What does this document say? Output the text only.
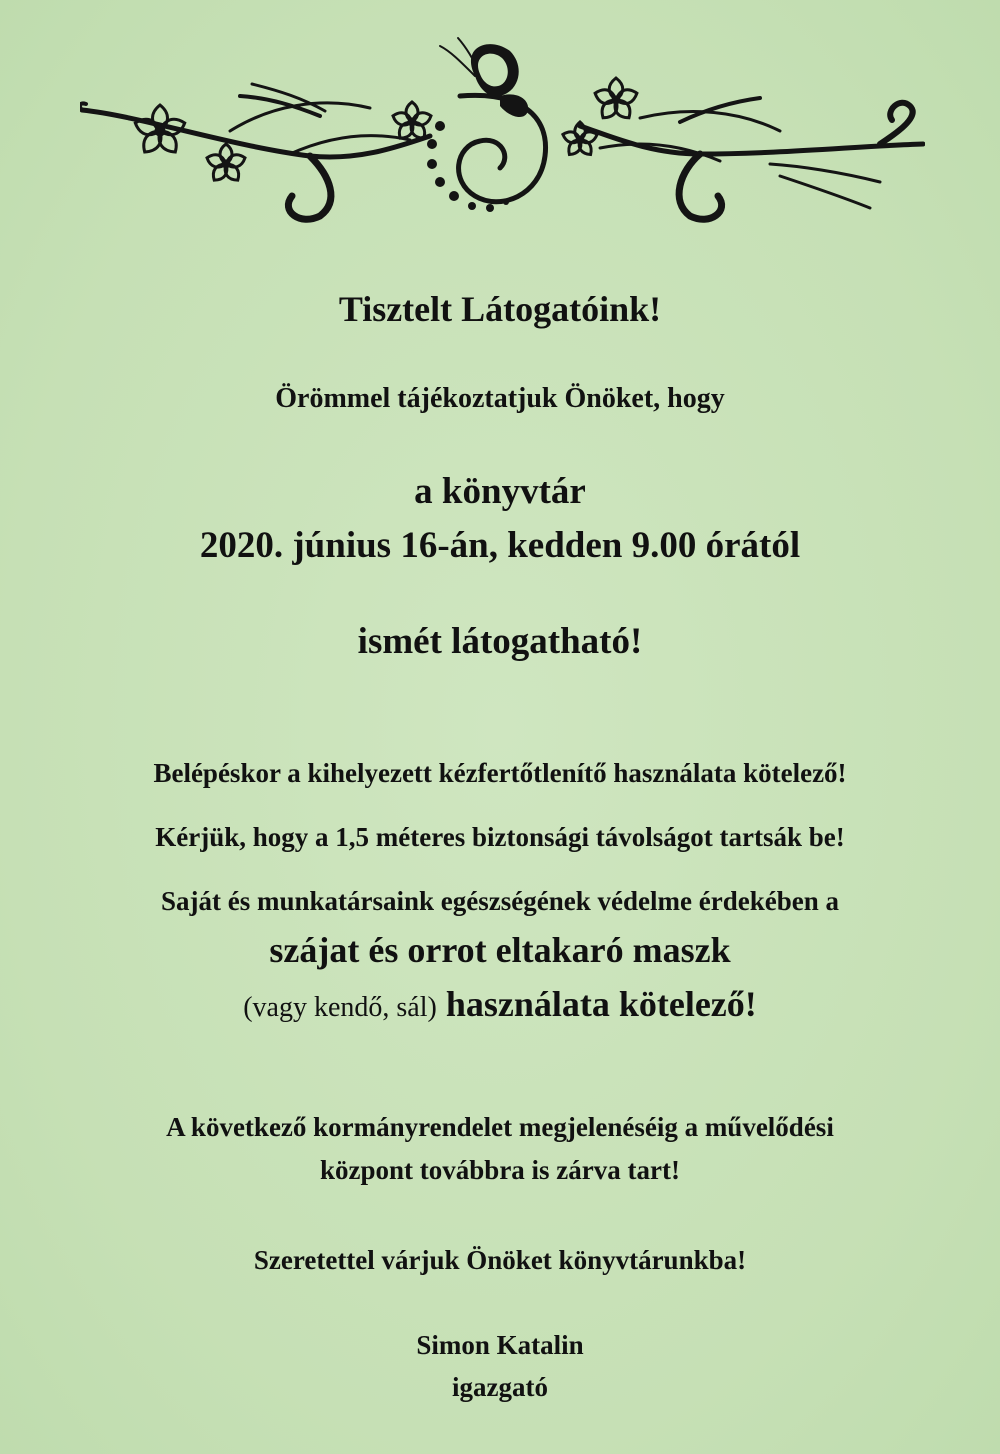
Tisztelt Látogatóink!

Örömmel tájékoztatjuk Önöket, hogy

a könyvtár

2020. június 16-án, kedden 9.00 órától

ismét látogatható!

Belépéskor a kihelyezett kézfertőtlenítő használata kötelező!

Kérjük, hogy a 1,5 méteres biztonsági távolságot tartsák be!

Saját és munkatársaink egészségének védelme érdekében a

szájat és orrot eltakaró maszk

(vagy kendő, sál) használata kötelező!

A következő kormányrendelet megjelenéséig a művelődési

központ továbbra is zárva tart!

Szeretettel várjuk Önöket könyvtárunkba!

Simon Katalin

igazgató
